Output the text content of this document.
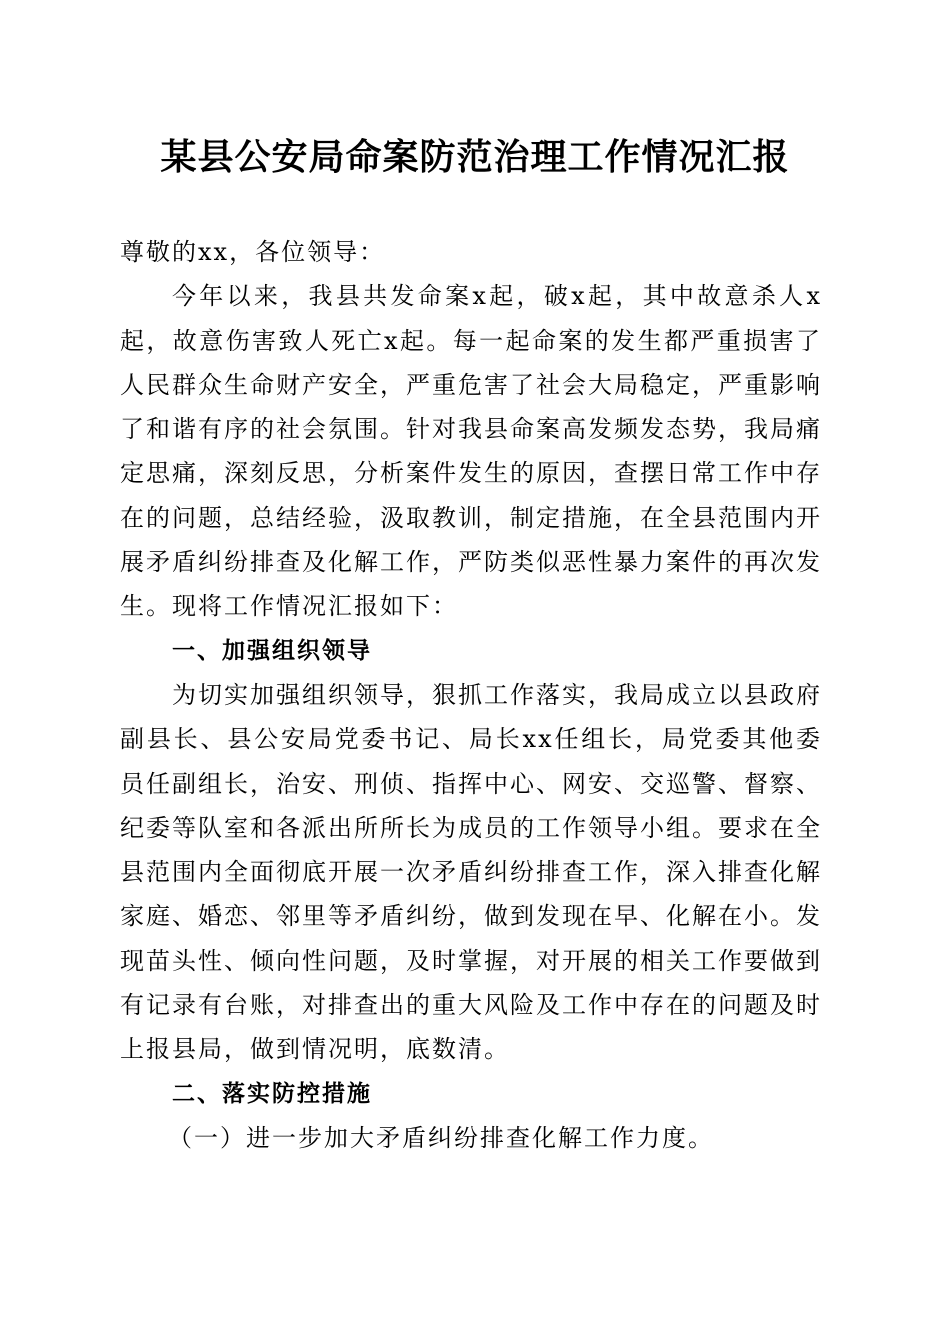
某县公安局命案防范治理工作情况汇报

尊敬的xx，各位领导：

今年以来，我县共发命案x起，破x起，其中故意杀人x起，故意伤害致人死亡x起。每一起命案的发生都严重损害了人民群众生命财产安全，严重危害了社会大局稳定，严重影响了和谐有序的社会氛围。针对我县命案高发频发态势，我局痛定思痛，深刻反思，分析案件发生的原因，查摆日常工作中存在的问题，总结经验，汲取教训，制定措施，在全县范围内开展矛盾纠纷排查及化解工作，严防类似恶性暴力案件的再次发生。现将工作情况汇报如下：

一、加强组织领导

为切实加强组织领导，狠抓工作落实，我局成立以县政府副县长、县公安局党委书记、局长xx任组长，局党委其他委员任副组长，治安、刑侦、指挥中心、网安、交巡警、督察、纪委等队室和各派出所所长为成员的工作领导小组。要求在全县范围内全面彻底开展一次矛盾纠纷排查工作，深入排查化解家庭、婚恋、邻里等矛盾纠纷，做到发现在早、化解在小。发现苗头性、倾向性问题，及时掌握，对开展的相关工作要做到有记录有台账，对排查出的重大风险及工作中存在的问题及时上报县局，做到情况明，底数清。

二、落实防控措施

（一）进一步加大矛盾纠纷排查化解工作力度。
